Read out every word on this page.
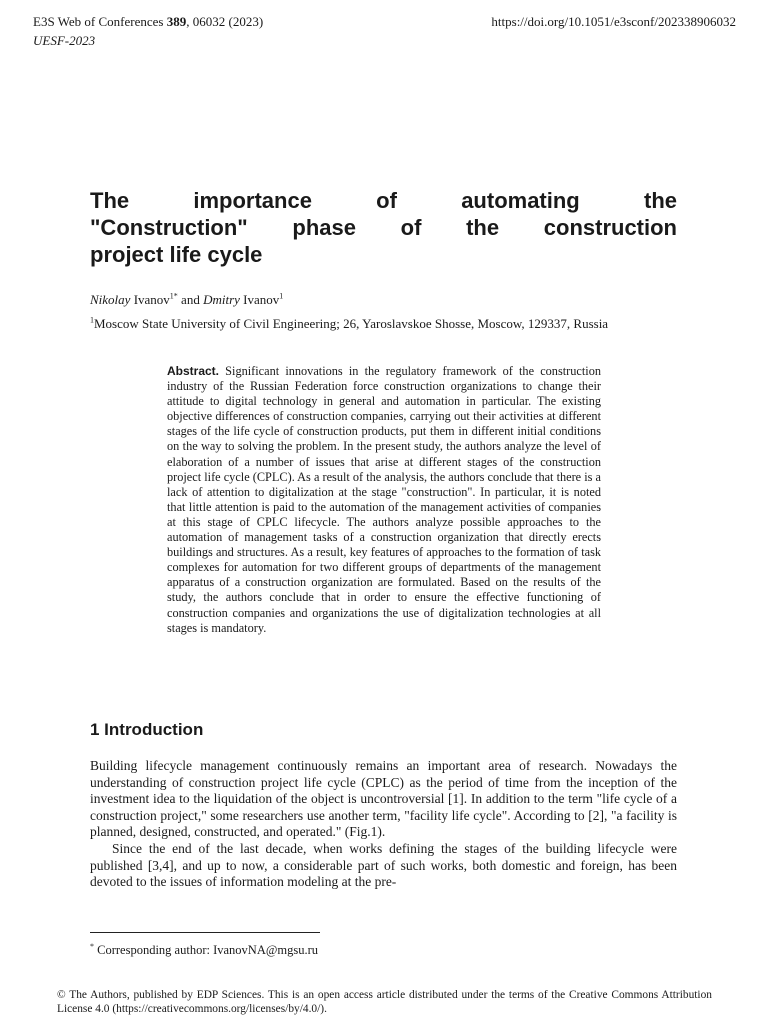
E3S Web of Conferences 389, 06032 (2023)
UESF-2023
https://doi.org/10.1051/e3sconf/202338906032
The importance of automating the
"Construction" phase of the construction
project life cycle
Nikolay Ivanov$^{1*}$ and Dmitry Ivanov$^1$
$^1$Moscow State University of Civil Engineering; 26, Yaroslavskoe Shosse, Moscow, 129337, Russia
Abstract. Significant innovations in the regulatory framework of the construction industry of the Russian Federation force construction organizations to change their attitude to digital technology in general and automation in particular. The existing objective differences of construction companies, carrying out their activities at different stages of the life cycle of construction products, put them in different initial conditions on the way to solving the problem. In the present study, the authors analyze the level of elaboration of a number of issues that arise at different stages of the construction project life cycle (CPLC). As a result of the analysis, the authors conclude that there is a lack of attention to digitalization at the stage "construction". In particular, it is noted that little attention is paid to the automation of the management activities of companies at this stage of CPLC lifecycle. The authors analyze possible approaches to the automation of management tasks of a construction organization that directly erects buildings and structures. As a result, key features of approaches to the formation of task complexes for automation for two different groups of departments of the management apparatus of a construction organization are formulated. Based on the results of the study, the authors conclude that in order to ensure the effective functioning of construction companies and organizations the use of digitalization technologies at all stages is mandatory.
1 Introduction

Building lifecycle management continuously remains an important area of research. Nowadays the understanding of construction project life cycle (CPLC) as the period of time from the inception of the investment idea to the liquidation of the object is uncontroversial [1]. In addition to the term "life cycle of a construction project," some researchers use another term, "facility life cycle". According to [2], "a facility is planned, designed, constructed, and operated." (Fig.1).

Since the end of the last decade, when works defining the stages of the building lifecycle were published [3,4], and up to now, a considerable part of such works, both domestic and foreign, has been devoted to the issues of information modeling at the pre-

* Corresponding author: IvanovNA@mgsu.ru
© The Authors, published by EDP Sciences. This is an open access article distributed under the terms of the Creative Commons Attribution License 4.0 (https://creativecommons.org/licenses/by/4.0/).
